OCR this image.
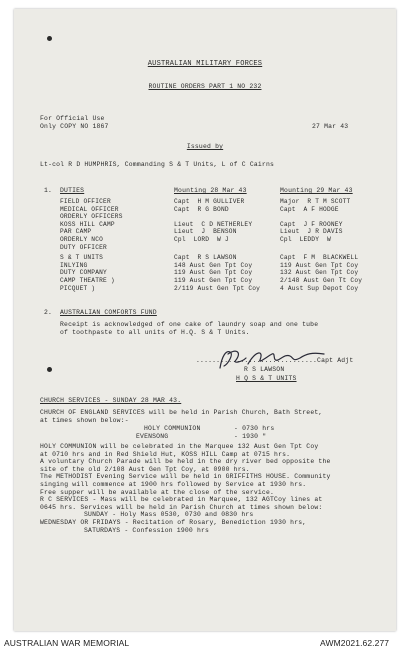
AUSTRALIAN MILITARY FORCES
ROUTINE ORDERS PART 1 NO 232
For Official Use
Only COPY NO 1867	27 Mar 43
Issued by
Lt-col R D HUMPHRIS, Commanding S & T Units, L of C Cairns
1. DUTIES	Mounting 28 Mar 43	Mounting 29 Mar 43
FIELD OFFICER	Capt  H M GULLIVER	Major  R T M SCOTT
MEDICAL OFFICER	Capt  R G BOND	Capt  A F HODGE
ORDERLY OFFICERS
KOSS HILL CAMP	Lieut  C D NETHERLEY	Capt  J F ROONEY
PAR CAMP	Lieut  J  BENSON	Lieut  J R DAVIS
ORDERLY NCO	Cpl  LORD  W J	Cpl  LEDDY  W
DUTY OFFICER
S & T UNITS	Capt  R S LAWSON	Capt  F M  BLACKWELL
INLYING	148 Aust Gen Tpt Coy	119 Aust Gen Tpt Coy
DUTY COMPANY	119 Aust Gen Tpt Coy	132 Aust Gen Tpt Coy
CAMP THEATRE )	119 Aust Gen Tpt Coy	2/148 Aust Gen Tt Coy
PICQUET )	2/119 Aust Gen Tpt Coy	4 Aust Sup Depot Coy
2. AUSTRALIAN COMFORTS FUND
Receipt is acknowledged of one cake of laundry soap and one tube
of toothpaste to all units of H.Q. S & T Units.
..............................Capt Adjt
R S LAWSON
H Q S & T UNITS
CHURCH SERVICES - SUNDAY 28 MAR 43.
CHURCH OF ENGLAND SERVICES will be held in Parish Church, Bath Street,
at times shown below:-
HOLY COMMUNION	- 0730 hrs
EVENSONG	- 1930 "
HOLY COMMUNION will be celebrated in the Marquee 132 Aust Gen Tpt Coy
at 0710 hrs and in Red Shield Hut, KOSS HILL Camp at 0715 hrs.
A voluntary Church Parade will be held in the dry river bed opposite the
site of the old 2/108 Aust Gen Tpt Coy, at 0900 hrs.
The METHODIST Evening Service will be held in GRIFFITHS HOUSE. Community
singing will commence at 1900 hrs followed by Service at 1930 hrs.
Free supper will be available at the close of the service.
R C SERVICES - Mass will be celebrated in Marquee, 132 AGTCoy lines at
0645 hrs. Services will be held in Parish Church at times shown below:
SUNDAY - Holy Mass 0530, 0730 and 0830 hrs
WEDNESDAY OR FRIDAYS - Recitation of Rosary, Benediction 1930 hrs,
SATURDAYS - Confession 1900 hrs
AUSTRALIAN WAR MEMORIAL	AWM2021.62.277
